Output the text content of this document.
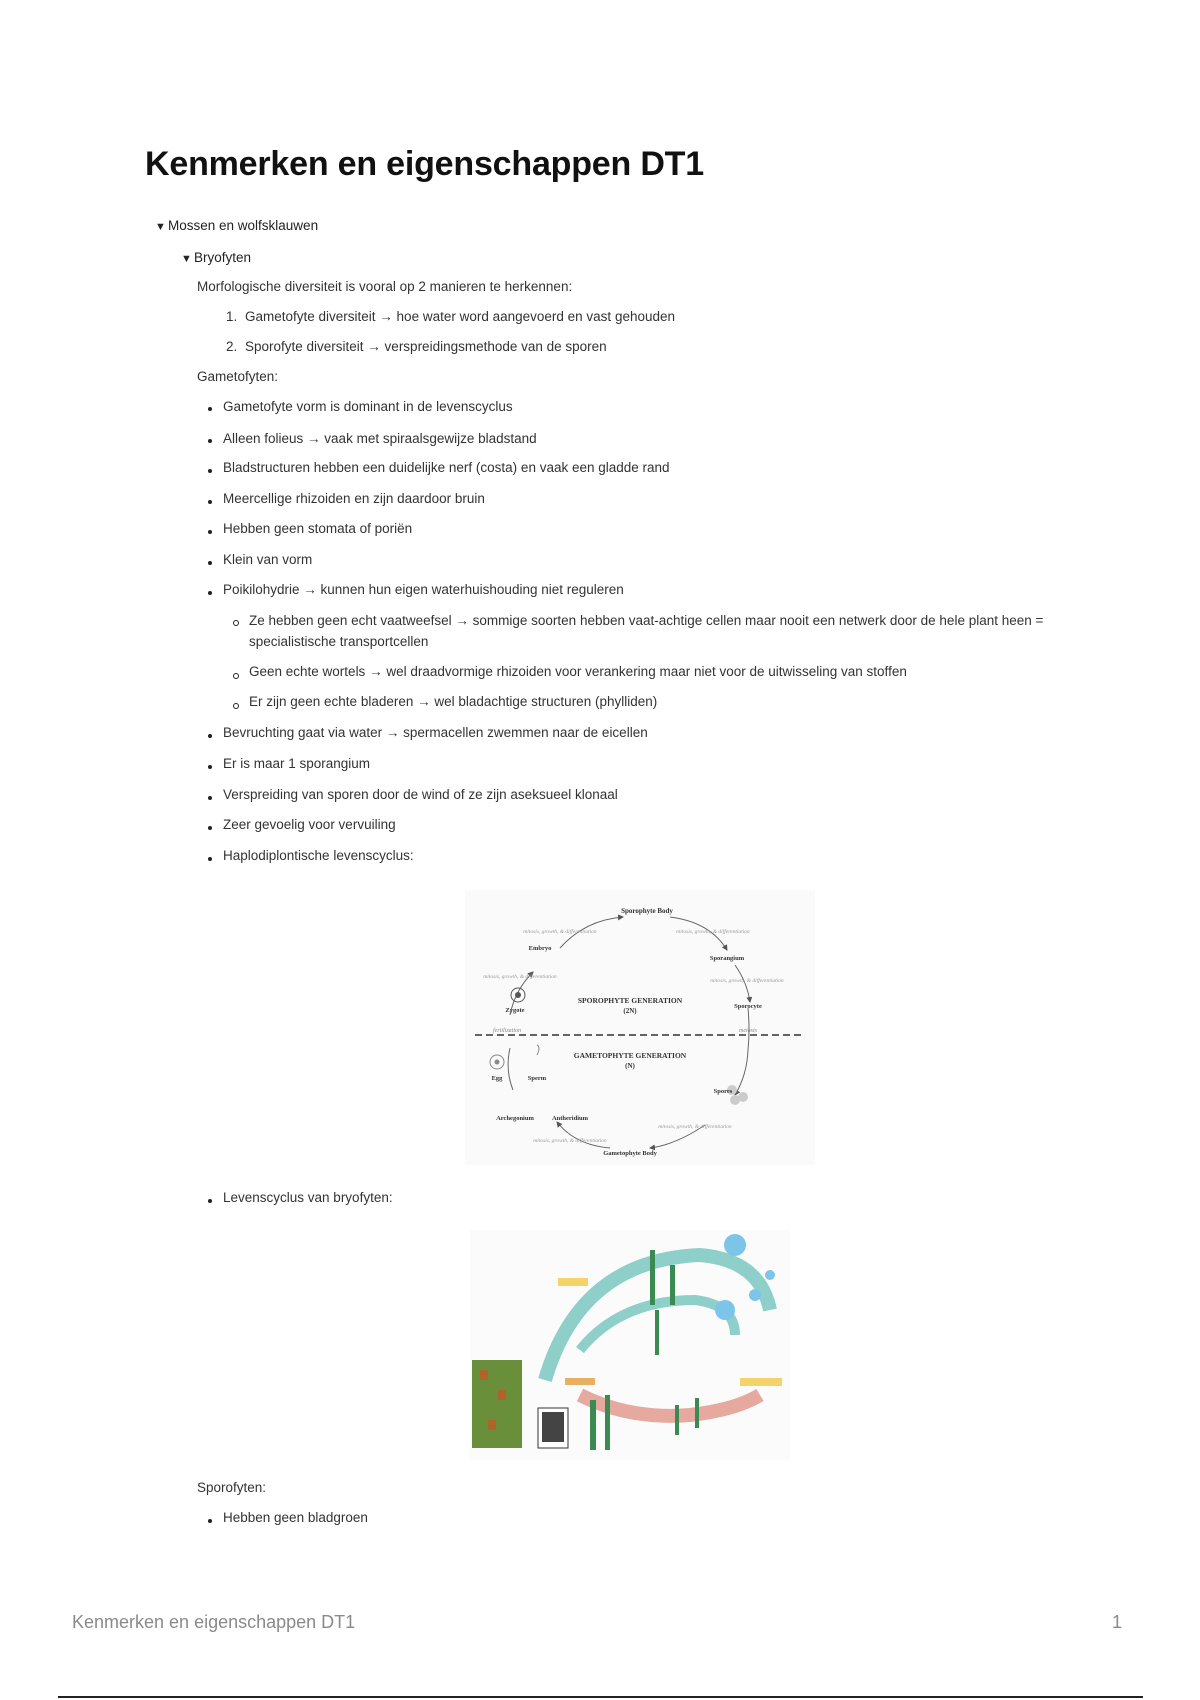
Kenmerken en eigenschappen DT1
▼ Mossen en wolfsklauwen
▼ Bryofyten
Morfologische diversiteit is vooral op 2 manieren te herkennen:
1. Gametofyte diversiteit → hoe water word aangevoerd en vast gehouden
2. Sporofyte diversiteit → verspreidingsmethode van de sporen
Gametofyten:
Gametofyte vorm is dominant in de levenscyclus
Alleen folieus → vaak met spiraalsgewijze bladstand
Bladstructuren hebben een duidelijke nerf (costa) en vaak een gladde rand
Meercellige rhizoiden en zijn daardoor bruin
Hebben geen stomata of poriën
Klein van vorm
Poikilohydrie → kunnen hun eigen waterhuishouding niet reguleren
Ze hebben geen echt vaatweefsel → sommige soorten hebben vaat-achtige cellen maar nooit een netwerk door de hele plant heen = specialistische transportcellen
Geen echte wortels → wel draadvormige rhizoiden voor verankering maar niet voor de uitwisseling van stoffen
Er zijn geen echte bladeren → wel bladachtige structuren (phylliden)
Bevruchting gaat via water → spermacellen zwemmen naar de eicellen
Er is maar 1 sporangium
Verspreiding van sporen door de wind of ze zijn aseksueel klonaal
Zeer gevoelig voor vervuiling
Haplodiplontische levenscyclus:
Sporophyte Body
Embryo
Sporangium
Zygote
Sporocyte
SPOROPHYTE GENERATION
(2N)
GAMETOPHYTE GENERATION
(N)
fertilization	meiosis
Egg	Sperm
Spores
Archegonium	Antheridium
Gametophyte Body
mitosis, growth, & differentiation	mitosis, growth, & differentiation
mitosis, growth, & differentiation
mitosis, growth, & differentiation
mitosis, growth, & differentiation
mitosis, growth, & differentiation
Levenscyclus van bryofyten:
Sporofyten:
Hebben geen bladgroen
Kenmerken en eigenschappen DT1	1
